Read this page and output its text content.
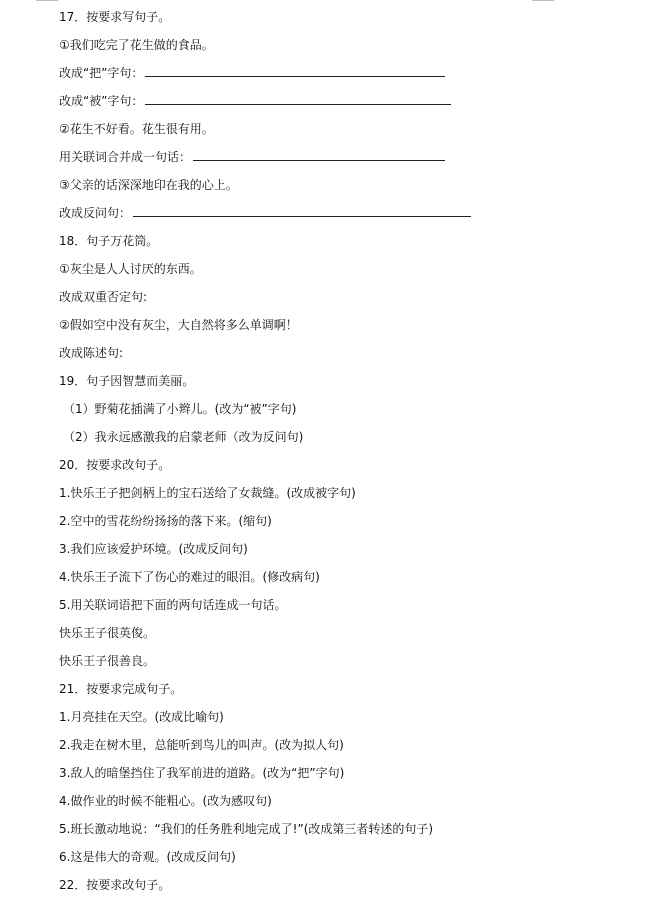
17．按要求写句子。
①我们吃完了花生做的食品。
改成“把”字句：
改成“被”字句：
②花生不好看。花生很有用。
用关联词合并成一句话：
③父亲的话深深地印在我的心上。
改成反问句：
18．句子万花筒。
①灰尘是人人讨厌的东西。
改成双重否定句:
②假如空中没有灰尘，大自然将多么单调啊！
改成陈述句:
19．句子因智慧而美丽。
（1）野菊花插满了小辫儿。(改为“被”字句)
（2）我永远感激我的启蒙老师（改为反问句)
20．按要求改句子。
1.快乐王子把剑柄上的宝石送给了女裁缝。(改成被字句)
2.空中的雪花纷纷扬扬的落下来。(缩句)
3.我们应该爱护环境。(改成反问句)
4.快乐王子流下了伤心的难过的眼泪。(修改病句)
5.用关联词语把下面的两句话连成一句话。
快乐王子很英俊。
快乐王子很善良。
21．按要求完成句子。
1.月亮挂在天空。(改成比喻句)
2.我走在树木里，总能听到鸟儿的叫声。(改为拟人句)
3.敌人的暗堡挡住了我军前进的道路。(改为“把”字句)
4.做作业的时候不能粗心。(改为感叹句)
5.班长激动地说：“我们的任务胜利地完成了!”(改成第三者转述的句子)
6.这是伟大的奇观。(改成反问句)
22．按要求改句子。
